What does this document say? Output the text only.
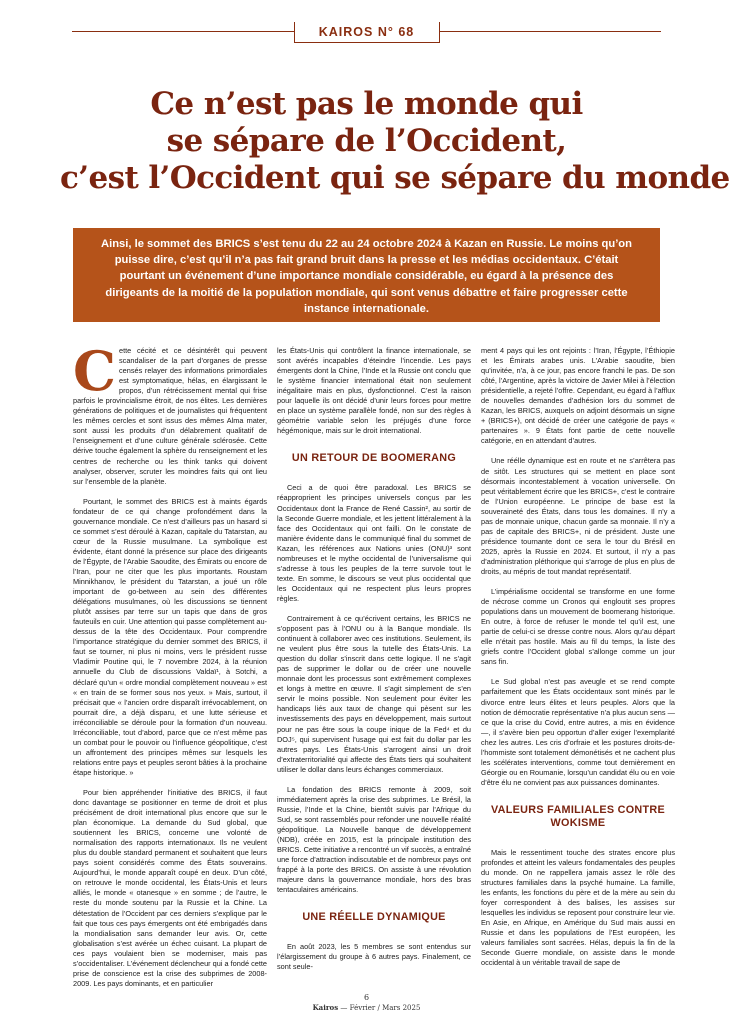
KAIROS N° 68
Ce n’est pas le monde qui
se sépare de l’Occident,
c’est l’Occident qui se sépare du monde
Ainsi, le sommet des BRICS s’est tenu du 22 au 24 octobre 2024 à Kazan en Russie. Le moins qu’on puisse dire, c’est qu’il n’a pas fait grand bruit dans la presse et les médias occidentaux. C’était pourtant un événement d’une importance mondiale considérable, eu égard à la présence des dirigeants de la moitié de la population mondiale, qui sont venus débattre et faire progresser cette instance internationale.

Cette cécité et ce désintérêt qui peuvent scandaliser de la part d’organes de presse censés relayer des informations primordiales est symptomatique, hélas, en élargissant le propos, d’un rétrécissement mental qui frise parfois le provincialisme étroit, de nos élites. Les dernières générations de politiques et de journalistes qui fréquentent les mêmes cercles et sont issus des mêmes Alma mater, sont aussi les produits d’un délabrement qualitatif de l’enseignement et d’une culture générale sclérosée. Cette dérive touche également la sphère du renseignement et les centres de recherche ou les think tanks qui doivent analyser, observer, scruter les moindres faits qui ont lieu sur l’ensemble de la planète.

Pourtant, le sommet des BRICS est à maints égards fondateur de ce qui change profondément dans la gouvernance mondiale. Ce n’est d’ailleurs pas un hasard si ce sommet s’est déroulé à Kazan, capitale du Tatarstan, au cœur de la Russie musulmane. La symbolique est évidente, étant donné la présence sur place des dirigeants de l’Égypte, de l’Arabie Saoudite, des Émirats ou encore de l’Iran, pour ne citer que les plus importants. Roustam Minnikhanov, le président du Tatarstan, a joué un rôle important de go-between au sein des différentes délégations musulmanes, où les discussions se tiennent plutôt assises par terre sur un tapis que dans de gros fauteuils en cuir. Une attention qui passe complètement au-dessus de la tête des Occidentaux. Pour comprendre l’importance stratégique du dernier sommet des BRICS, il faut se tourner, ni plus ni moins, vers le président russe Vladimir Poutine qui, le 7 novembre 2024, à la réunion annuelle du Club de discussions Valdaï¹, à Sotchi, a déclaré qu’un « ordre mondial complètement nouveau » est « en train de se former sous nos yeux. » Mais, surtout, il précisait que « l’ancien ordre disparaît irrévocablement, on pourrait dire, a déjà disparu, et une lutte sérieuse et irréconciliable se déroule pour la formation d’un nouveau. Irréconciliable, tout d’abord, parce que ce n’est même pas un combat pour le pouvoir ou l’influence géopolitique, c’est un affrontement des principes mêmes sur lesquels les relations entre pays et peuples seront bâties à la prochaine étape historique. »

Pour bien appréhender l’initiative des BRICS, il faut donc davantage se positionner en terme de droit et plus précisément de droit international plus encore que sur le plan économique. La demande du Sud global, que soutiennent les BRICS, concerne une volonté de normalisation des rapports internationaux. Ils ne veulent plus du double standard permanent et souhaitent que leurs pays soient considérés comme des États souverains. Aujourd’hui, le monde apparaît coupé en deux. D’un côté, on retrouve le monde occidental, les États-Unis et leurs alliés, le monde « otanesque » en somme ; de l’autre, le reste du monde soutenu par la Russie et la Chine. La détestation de l’Occident par ces derniers s’explique par le fait que tous ces pays émergents ont été embrigadés dans la mondialisation sans demander leur avis. Or, cette globalisation s’est avérée un échec cuisant. La plupart de ces pays voulaient bien se moderniser, mais pas s’occidentaliser. L’événement déclencheur qui a fondé cette prise de conscience est la crise des subprimes de 2008-2009. Les pays dominants, et en particulier

les États-Unis qui contrôlent la finance internationale, se sont avérés incapables d’éteindre l’incendie. Les pays émergents dont la Chine, l’Inde et la Russie ont conclu que le système financier international était non seulement inégalitaire mais en plus, dysfonctionnel. C’est la raison pour laquelle ils ont décidé d’unir leurs forces pour mettre en place un système parallèle fondé, non sur des règles à géométrie variable selon les préjugés d’une force hégémonique, mais sur le droit international.

UN RETOUR DE BOOMERANG

Ceci a de quoi être paradoxal. Les BRICS se réapproprient les principes universels conçus par les Occidentaux dont la France de René Cassin², au sortir de la Seconde Guerre mondiale, et les jettent littéralement à la face des Occidentaux qui ont failli. On le constate de manière évidente dans le communiqué final du sommet de Kazan, les références aux Nations unies (ONU)³ sont nombreuses et le mythe occidental de l’universalisme qui s’adresse à tous les peuples de la terre survole tout le texte. En somme, le discours se veut plus occidental que les Occidentaux qui ne respectent plus leurs propres règles.

Contrairement à ce qu’écrivent certains, les BRICS ne s’opposent pas à l’ONU ou à la Banque mondiale. Ils continuent à collaborer avec ces institutions. Seulement, ils ne veulent plus être sous la tutelle des États-Unis. La question du dollar s’inscrit dans cette logique. Il ne s’agit pas de supprimer le dollar ou de créer une nouvelle monnaie dont les processus sont extrêmement complexes et longs à mettre en œuvre. Il s’agit simplement de s’en servir le moins possible. Non seulement pour éviter les handicaps liés aux taux de change qui pèsent sur les investissements des pays en développement, mais surtout pour ne pas être sous la coupe inique de la Fed⁴ et du DOJ⁵, qui supervisent l’usage qui est fait du dollar par les autres pays. Les États-Unis s’arrogent ainsi un droit d’extraterritorialité qui affecte des États tiers qui souhaitent utiliser le dollar dans leurs échanges commerciaux.

La fondation des BRICS remonte à 2009, soit immédiatement après la crise des subprimes. Le Brésil, la Russie, l’Inde et la Chine, bientôt suivis par l’Afrique du Sud, se sont rassemblés pour refonder une nouvelle réalité géopolitique. La Nouvelle banque de développement (NDB), créée en 2015, est la principale institution des BRICS. Cette initiative a rencontré un vif succès, a entraîné une force d’attraction indiscutable et de nombreux pays ont frappé à la porte des BRICS. On assiste à une révolution majeure dans la gouvernance mondiale, hors des bras tentaculaires américains.

UNE RÉELLE DYNAMIQUE

En août 2023, les 5 membres se sont entendus sur l’élargissement du groupe à 6 autres pays. Finalement, ce sont seule-

ment 4 pays qui les ont rejoints : l’Iran, l’Égypte, l’Éthiopie et les Émirats arabes unis. L’Arabie saoudite, bien qu’invitée, n’a, à ce jour, pas encore franchi le pas. De son côté, l’Argentine, après la victoire de Javier Milei à l’élection présidentielle, a rejeté l’offre. Cependant, eu égard à l’afflux de nouvelles demandes d’adhésion lors du sommet de Kazan, les BRICS, auxquels on adjoint désormais un signe + (BRICS+), ont décidé de créer une catégorie de pays « partenaires ». 9 États font partie de cette nouvelle catégorie, en en attendant d’autres.

Une réélle dynamique est en route et ne s’arrêtera pas de sitôt. Les structures qui se mettent en place sont désormais incontestablement à vocation universelle. On peut véritablement écrire que les BRICS+, c’est le contraire de l’Union européenne. Le principe de base est la souveraineté des États, dans tous les domaines. Il n’y a pas de monnaie unique, chacun garde sa monnaie. Il n’y a pas de capitale des BRICS+, ni de président. Juste une présidence tournante dont ce sera le tour du Brésil en 2025, après la Russie en 2024. Et surtout, il n’y a pas d’administration pléthorique qui s’arroge de plus en plus de droits, au mépris de tout mandat représentatif.

L’impérialisme occidental se transforme en une forme de nécrose comme un Cronos qui engloutit ses propres populations dans un mouvement de boomerang historique. En outre, à force de refuser le monde tel qu’il est, une partie de celui-ci se dresse contre nous. Alors qu’au départ elle n’était pas hostile. Mais au fil du temps, la liste des griefs contre l’Occident global s’allonge comme un jour sans fin.

Le Sud global n’est pas aveugle et se rend compte parfaitement que les États occidentaux sont minés par le divorce entre leurs élites et leurs peuples. Alors que la notion de démocratie représentative n’a plus aucun sens — ce que la crise du Covid, entre autres, a mis en évidence —, il s’avère bien peu opportun d’aller exiger l’exemplarité chez les autres. Les cris d’orfraie et les postures droits-de-l’hommiste sont totalement démonétisés et ne cachent plus les scélérates interventions, comme tout dernièrement en Géorgie ou en Roumanie, lorsqu’un candidat élu ou en voie d’être élu ne convient pas aux puissances dominantes.

VALEURS FAMILIALES CONTRE WOKISME

Mais le ressentiment touche des strates encore plus profondes et atteint les valeurs fondamentales des peuples du monde. On ne rappellera jamais assez le rôle des structures familiales dans la psyché humaine. La famille, les enfants, les fonctions du père et de la mère au sein du foyer correspondent à des balises, les assises sur lesquelles les individus se reposent pour construire leur vie. En Asie, en Afrique, en Amérique du Sud mais aussi en Russie et dans les populations de l’Est européen, les valeurs familiales sont sacrées. Hélas, depuis la fin de la Seconde Guerre mondiale, on assiste dans le monde occidental à un véritable travail de sape de

6
Kairos — Février / Mars 2025
